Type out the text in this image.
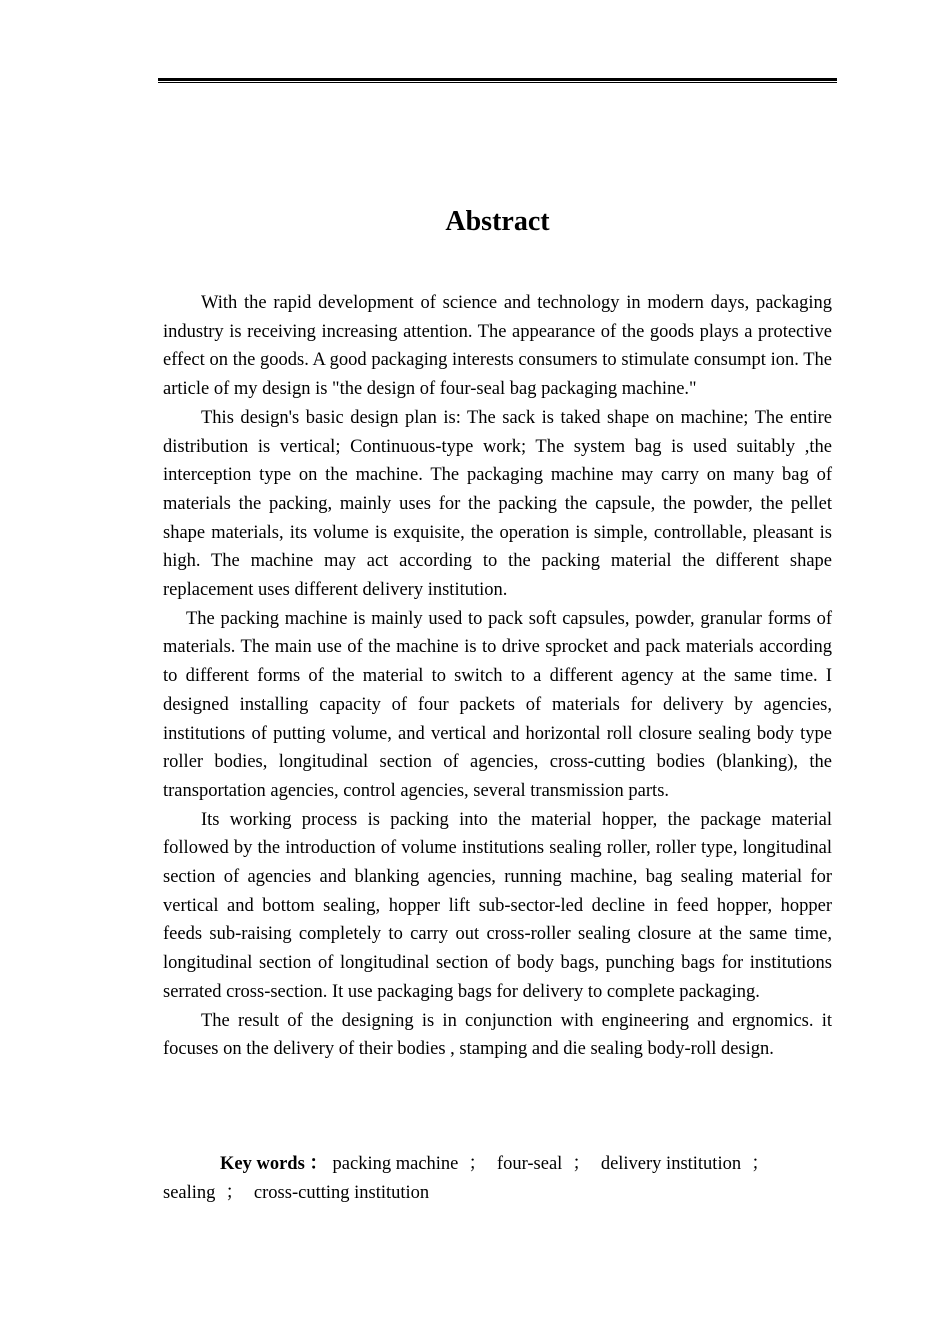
Abstract

With the rapid development of science and technology in modern days, packaging industry is receiving increasing attention. The appearance of the goods plays a protective effect on the goods. A good packaging interests consumers to stimulate consumpt ion. The article of my design is "the design of four-seal bag packaging machine."

This design's basic design plan is: The sack is taked shape on machine; The entire distribution is vertical; Continuous-type work; The system bag is used suitably ,the interception type on the machine. The packaging machine may carry on many bag of materials the packing, mainly uses for the packing the capsule, the powder, the pellet shape materials, its volume is exquisite, the operation is simple, controllable, pleasant is high. The machine may act according to the packing material the different shape replacement uses different delivery institution.

The packing machine is mainly used to pack soft capsules, powder, granular forms of materials. The main use of the machine is to drive sprocket and pack materials according to different forms of the material to switch to a different agency at the same time. I designed installing capacity of four packets of materials for delivery by agencies, institutions of putting volume, and vertical and horizontal roll closure sealing body type roller bodies, longitudinal section of agencies, cross-cutting bodies (blanking), the transportation agencies, control agencies, several transmission parts.

Its working process is packing into the material hopper, the package material followed by the introduction of volume institutions sealing roller, roller type, longitudinal section of agencies and blanking agencies, running machine, bag sealing material for vertical and bottom sealing, hopper lift sub-sector-led decline in feed hopper, hopper feeds sub-raising completely to carry out cross-roller sealing closure at the same time, longitudinal section of longitudinal section of body bags, punching bags for institutions serrated cross-section. It use packaging bags for delivery to complete packaging.

The result of the designing is in conjunction with engineering and ergnomics. it focuses on the delivery of their bodies , stamping and die sealing body-roll design.

Key words ： packing machine ； four-seal ； delivery institution ；sealing ； cross-cutting institution
